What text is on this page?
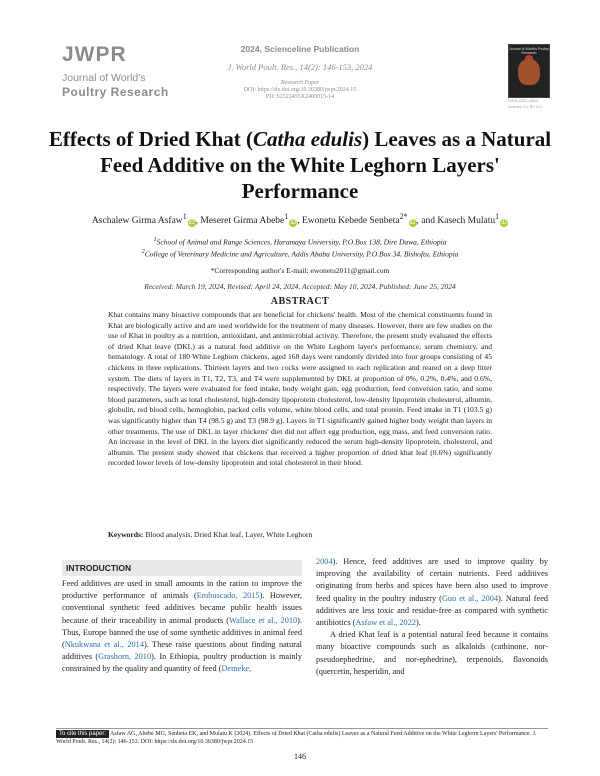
JWPR
Journal of World's
Poultry Research
2024, Scienceline Publication
J. World Poult. Res., 14(2): 146-153, 2024
Research Paper
DOI: https://dx.doi.org/10.36380/jwpr.2024.15
PII: S2322455X2400015-14
Journal of World's Poultry Research
ISSN 2322-455X
License CC BY 4.0
Effects of Dried Khat (Catha edulis) Leaves as a Natural Feed Additive on the White Leghorn Layers' Performance
Aschalew Girma Asfaw$^1$iD, Meseret Girma Abebe$^1$iD, Ewonetu Kebede Senbeta$^{2*}$iD, and Kasech Mulatu$^1$iD
$^1$School of Animal and Range Sciences, Haramaya University, P.O.Box 138, Dire Dawa, Ethiopia
$^2$College of Veterinary Medicine and Agriculture, Addis Ababa University, P.O.Box 34, Bishoftu, Ethiopia
*Corresponding author's E-mail: ewonetu2011@gmail.com
Received: March 19, 2024, Revised: April 24, 2024, Accepted: May 10, 2024, Published: June 25, 2024
ABSTRACT
Khat contains many bioactive compounds that are beneficial for chickens' health. Most of the chemical constituents found in Khat are biologically active and are used worldwide for the treatment of many diseases. However, there are few studies on the use of Khat in poultry as a nutrition, antioxidant, and antimicrobial activity. Therefore, the present study evaluated the effects of dried Khat leave (DKL) as a natural feed additive on the White Leghorn layer's performance, serum chemistry, and hematology. A total of 180 White Leghorn chickens, aged 168 days were randomly divided into four groups consisting of 45 chickens in three replications. Thirteen layers and two cocks were assigned to each replication and reared on a deep litter system. The diets of layers in T1, T2, T3, and T4 were supplemented by DKL at proportion of 0%, 0.2%, 0.4%, and 0.6%, respectively. The layers were evaluated for feed intake, body weight gain, egg production, feed conversion ratio, and some blood parameters, such as total cholesterol, high-density lipoprotein cholesterol, low-density lipoprotein cholesterol, albumin, globulin, red blood cells, hemoglobin, packed cells volume, white blood cells, and total protein. Feed intake in T1 (103.5 g) was significantly higher than T4 (98.5 g) and T3 (98.9 g). Layers in T1 significantly gained higher body weight than layers in other treatments. The use of DKL in layer chickens' diet did not affect egg production, egg mass, and feed conversion ratio. An increase in the level of DKL in the layers diet significantly reduced the serum high-density lipoprotein, cholesterol, and albumin. The present study showed that chickens that received a higher proportion of dried khat leaf (0.6%) significantly recorded lower levels of low-density lipoprotein and total cholesterol in their blood.
Keywords: Blood analysis, Dried Khat leaf, Layer, White Leghorn
INTRODUCTION
Feed additives are used in small amounts in the ration to improve the productive performance of animals (Embuscado, 2015). However, conventional synthetic feed additives became public health issues because of their traceability in animal products (Wallace et al., 2010). Thus, Europe banned the use of some synthetic additives in animal feed (Nkukwana et al., 2014). These raise questions about finding natural additives (Grashorn, 2010). In Ethiopia, poultry production is mainly constrained by the quality and quantity of feed (Demeke,
2004). Hence, feed additives are used to improve quality by improving the availability of certain nutrients. Feed additives originating from herbs and spices have been also used to improve feed quality in the poultry industry (Guo et al., 2004). Natural feed additives are less toxic and residue-free as compared with synthetic antibiotics (Asfaw et al., 2022).
A dried Khat leaf is a potential natural feed because it contains many bioactive compounds such as alkaloids (cathinone, nor-pseudoephedrine, and nor-ephedrine), terpenoids, flavonoids (quercetin, hesperidin, and
Asfaw AG, Abebe MG, Senbeta EK, and Mulatu K (2024). Effects of Dried Khat (Catha edulis) Leaves as a Natural Feed Additive on the White Leghorn Layers' Performance. J. World Poult. Res., 14(2): 146-153. DOI: https://dx.doi.org/10.36380/jwpr.2024.15
To cite this paper:
146
